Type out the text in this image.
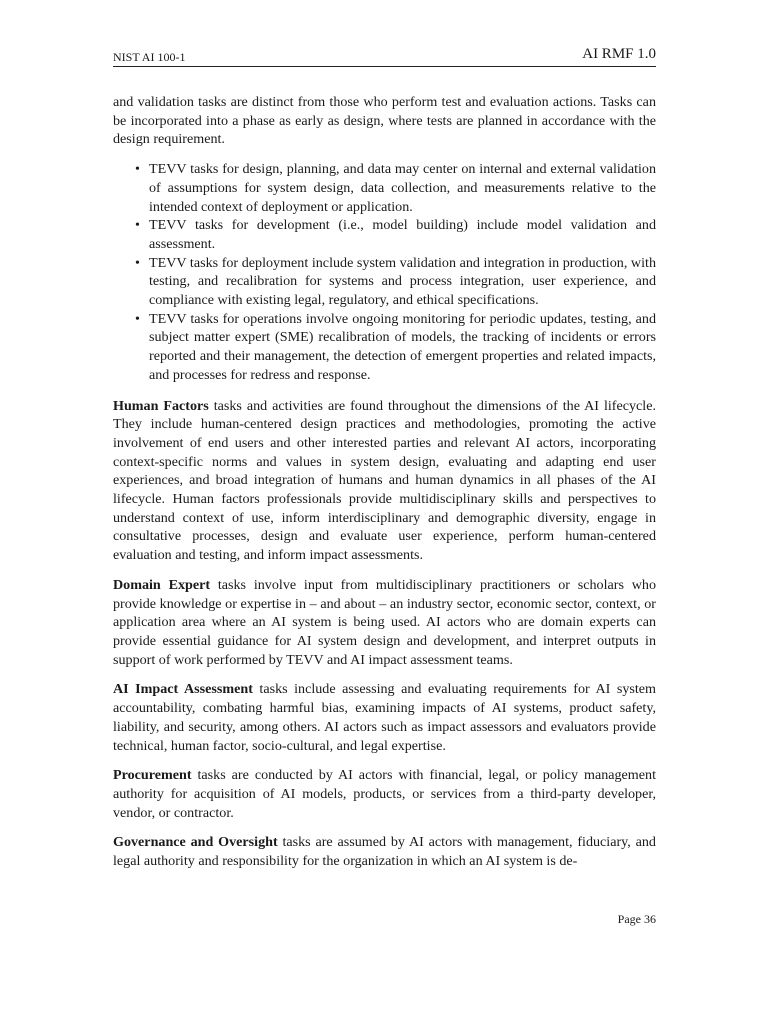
NIST AI 100-1	AI RMF 1.0

and validation tasks are distinct from those who perform test and evaluation actions. Tasks can be incorporated into a phase as early as design, where tests are planned in accordance with the design requirement.

• TEVV tasks for design, planning, and data may center on internal and external validation of assumptions for system design, data collection, and measurements relative to the intended context of deployment or application.
• TEVV tasks for development (i.e., model building) include model validation and assessment.
• TEVV tasks for deployment include system validation and integration in production, with testing, and recalibration for systems and process integration, user experience, and compliance with existing legal, regulatory, and ethical specifications.
• TEVV tasks for operations involve ongoing monitoring for periodic updates, testing, and subject matter expert (SME) recalibration of models, the tracking of incidents or errors reported and their management, the detection of emergent properties and related impacts, and processes for redress and response.

Human Factors tasks and activities are found throughout the dimensions of the AI lifecycle. They include human-centered design practices and methodologies, promoting the active involvement of end users and other interested parties and relevant AI actors, incorporating context-specific norms and values in system design, evaluating and adapting end user experiences, and broad integration of humans and human dynamics in all phases of the AI lifecycle. Human factors professionals provide multidisciplinary skills and perspectives to understand context of use, inform interdisciplinary and demographic diversity, engage in consultative processes, design and evaluate user experience, perform human-centered evaluation and testing, and inform impact assessments.

Domain Expert tasks involve input from multidisciplinary practitioners or scholars who provide knowledge or expertise in – and about – an industry sector, economic sector, context, or application area where an AI system is being used. AI actors who are domain experts can provide essential guidance for AI system design and development, and interpret outputs in support of work performed by TEVV and AI impact assessment teams.

AI Impact Assessment tasks include assessing and evaluating requirements for AI system accountability, combating harmful bias, examining impacts of AI systems, product safety, liability, and security, among others. AI actors such as impact assessors and evaluators provide technical, human factor, socio-cultural, and legal expertise.

Procurement tasks are conducted by AI actors with financial, legal, or policy management authority for acquisition of AI models, products, or services from a third-party developer, vendor, or contractor.

Governance and Oversight tasks are assumed by AI actors with management, fiduciary, and legal authority and responsibility for the organization in which an AI system is de-

Page 36
